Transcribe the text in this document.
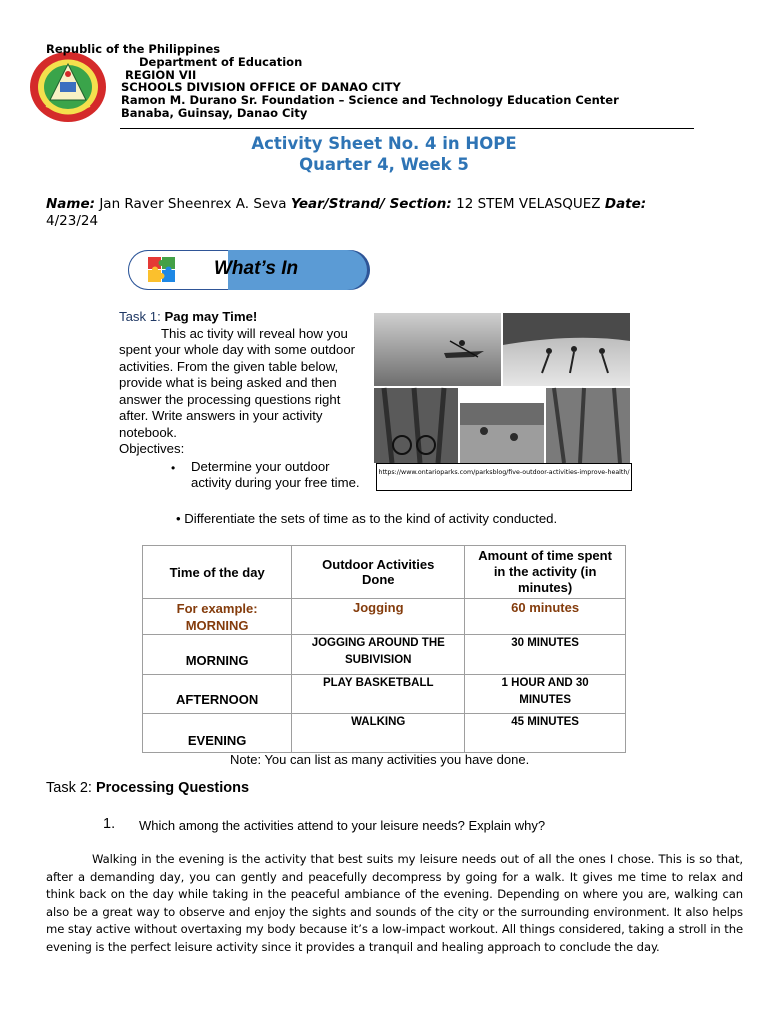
Republic of the Philippines
Department of Education
REGION VII
SCHOOLS DIVISION OFFICE OF DANAO CITY
Ramon M. Durano Sr. Foundation – Science and Technology Education Center
Banaba, Guinsay, Danao City
Activity Sheet No. 4 in HOPE
Quarter 4, Week 5
Name: Jan Raver Sheenrex A. Seva Year/Strand/ Section: 12 STEM VELASQUEZ Date:
4/23/24
What’s In
Task 1: Pag may Time!
This ac tivity will reveal how you spent your whole day with some outdoor activities. From the given table below, provide what is being asked and then answer the processing questions right after. Write answers in your activity notebook.
Objectives:
• Determine your outdoor activity during your free time.
https://www.ontarioparks.com/parksblog/five-outdoor-activities-improve-health/
• Differentiate the sets of time as to the kind of activity conducted.
Time of the day	Outdoor Activities Done	Amount of time spent in the activity (in minutes)
For example:
MORNING	Jogging	60 minutes
MORNING	JOGGING AROUND THE SUBIVISION	30 MINUTES
AFTERNOON	PLAY BASKETBALL	1 HOUR AND 30 MINUTES
EVENING	WALKING	45 MINUTES
Note: You can list as many activities you have done.
Task 2: Processing Questions
1. Which among the activities attend to your leisure needs? Explain why?
Walking in the evening is the activity that best suits my leisure needs out of all the ones I chose. This is so that, after a demanding day, you can gently and peacefully decompress by going for a walk. It gives me time to relax and think back on the day while taking in the peaceful ambiance of the evening. Depending on where you are, walking can also be a great way to observe and enjoy the sights and sounds of the city or the surrounding environment. It also helps me stay active without overtaxing my body because it’s a low-impact workout. All things considered, taking a stroll in the evening is the perfect leisure activity since it provides a tranquil and healing approach to conclude the day.
